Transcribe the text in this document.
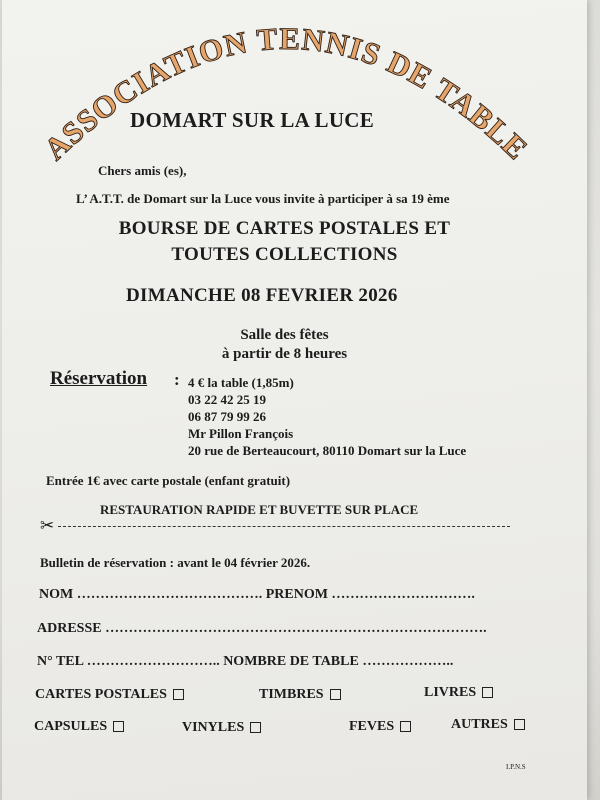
ASSOCIATION TENNIS DE TABLE
DOMART SUR LA LUCE
Chers amis (es),
L’ A.T.T. de Domart sur la Luce vous invite à participer à sa 19 ème
BOURSE DE CARTES POSTALES ET
TOUTES COLLECTIONS
DIMANCHE 08 FEVRIER 2026
Salle des fêtes
à partir de 8 heures
Réservation : 4 € la table (1,85m)
03 22 42 25 19
06 87 79 99 26
Mr Pillon François
20 rue de Berteaucourt, 80110 Domart sur la Luce
Entrée 1€ avec carte postale (enfant gratuit)
RESTAURATION RAPIDE ET BUVETTE SUR PLACE
✂
Bulletin de réservation : avant le 04 février 2026.
NOM …………………………………. PRENOM ………………………….
ADRESSE ……………………………………………………………………….
N° TEL ……………………….. NOMBRE DE TABLE ………………..
CARTES POSTALES	TIMBRES	LIVRES
CAPSULES	VINYLES	FEVES	AUTRES
I.P.N.S
